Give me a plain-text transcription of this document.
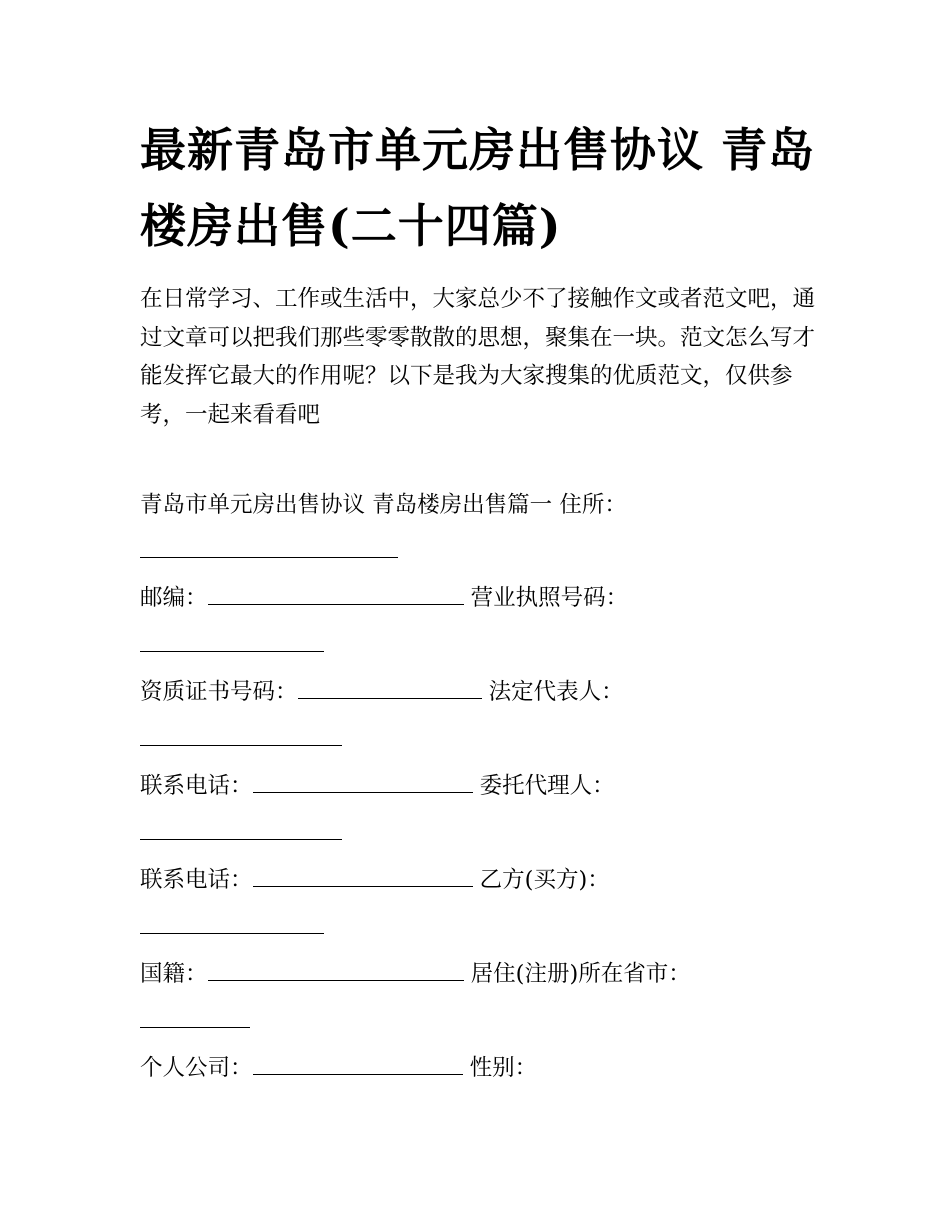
最新青岛市单元房出售协议 青岛楼房出售(二十四篇)

在日常学习、工作或生活中，大家总少不了接触作文或者范文吧，通过文章可以把我们那些零零散散的思想，聚集在一块。范文怎么写才能发挥它最大的作用呢？以下是我为大家搜集的优质范文，仅供参考，一起来看看吧

青岛市单元房出售协议 青岛楼房出售篇一 住所：
邮编：	营业执照号码：
资质证书号码：	法定代表人：
联系电话：	委托代理人：
联系电话：	乙方(买方)：
国籍：	居住(注册)所在省市：
个人公司：	性别：
